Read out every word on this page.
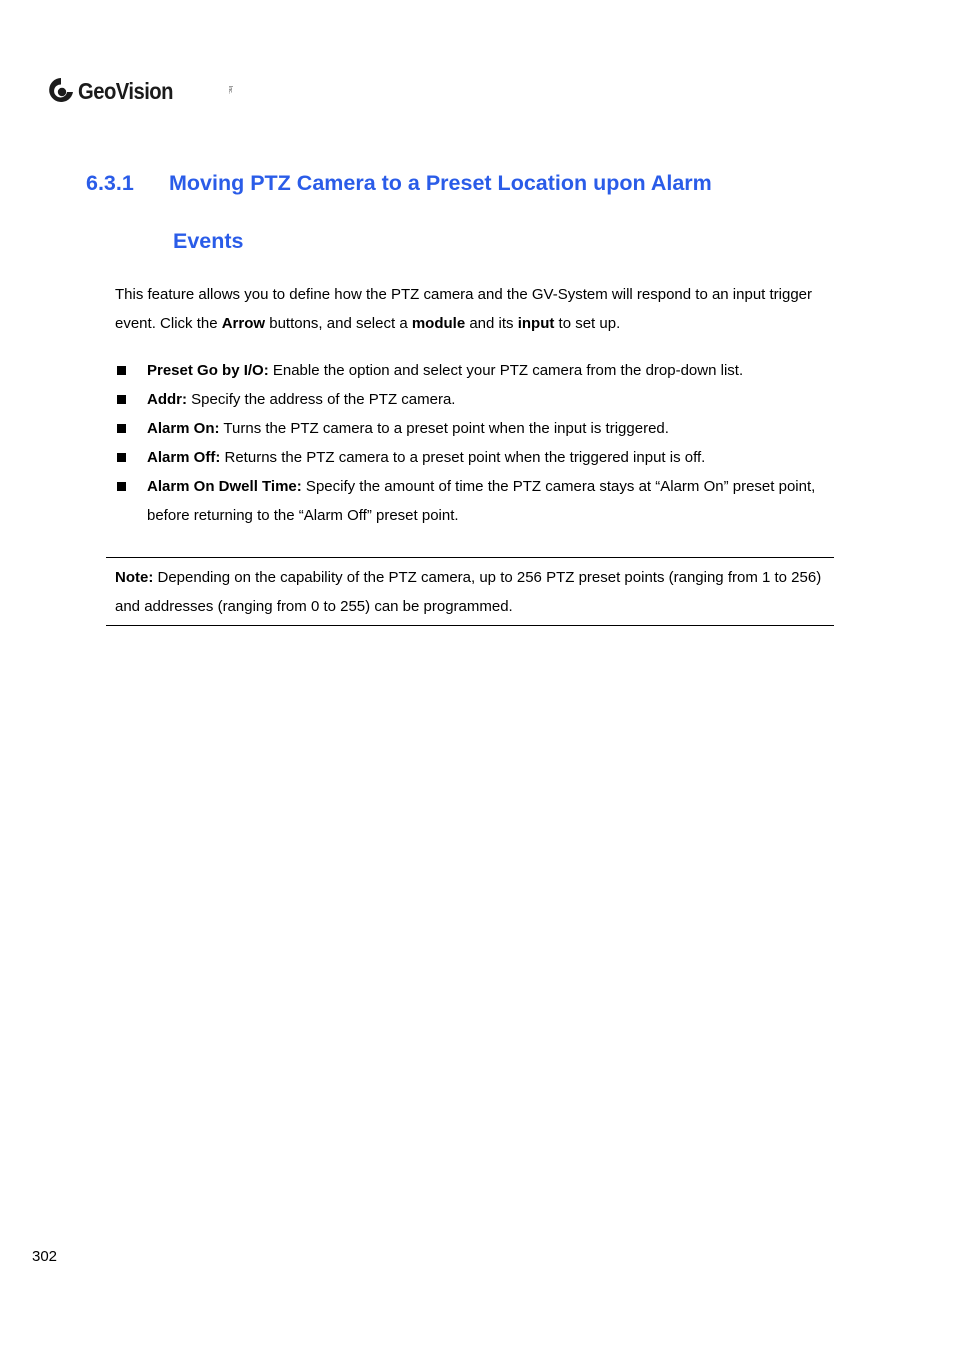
GeoVision	Inc.
6.3.1 Moving PTZ Camera to a Preset Location upon Alarm
Events
This feature allows you to define how the PTZ camera and the GV-System will respond to an input trigger event. Click the Arrow buttons, and select a module and its input to set up.
Preset Go by I/O: Enable the option and select your PTZ camera from the drop-down list.
Addr: Specify the address of the PTZ camera.
Alarm On: Turns the PTZ camera to a preset point when the input is triggered.
Alarm Off: Returns the PTZ camera to a preset point when the triggered input is off.
Alarm On Dwell Time: Specify the amount of time the PTZ camera stays at “Alarm On” preset point, before returning to the “Alarm Off” preset point.
Note: Depending on the capability of the PTZ camera, up to 256 PTZ preset points (ranging from 1 to 256) and addresses (ranging from 0 to 255) can be programmed.
302
